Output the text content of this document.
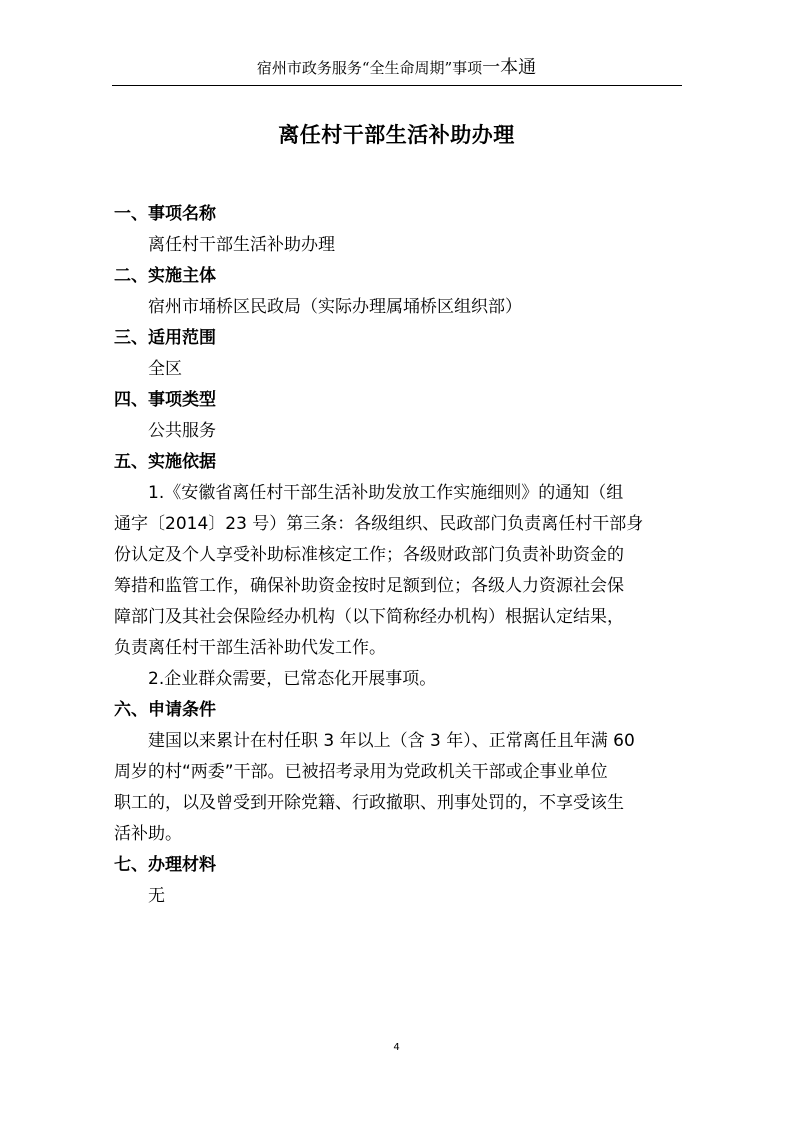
宿州市政务服务“全生命周期”事项一本通
离任村干部生活补助办理
一、事项名称
离任村干部生活补助办理
二、实施主体
宿州市埇桥区民政局（实际办理属埇桥区组织部）
三、适用范围
全区
四、事项类型
公共服务
五、实施依据
1.《安徽省离任村干部生活补助发放工作实施细则》的通知（组
通字〔2014〕23 号）第三条：各级组织、民政部门负责离任村干部身
份认定及个人享受补助标准核定工作；各级财政部门负责补助资金的
筹措和监管工作，确保补助资金按时足额到位；各级人力资源社会保
障部门及其社会保险经办机构（以下简称经办机构）根据认定结果，
负责离任村干部生活补助代发工作。
2.企业群众需要，已常态化开展事项。
六、申请条件
建国以来累计在村任职 3 年以上（含 3 年）、正常离任且年满 60
周岁的村“两委”干部。已被招考录用为党政机关干部或企事业单位
职工的，以及曾受到开除党籍、行政撤职、刑事处罚的，不享受该生
活补助。
七、办理材料
无
4
